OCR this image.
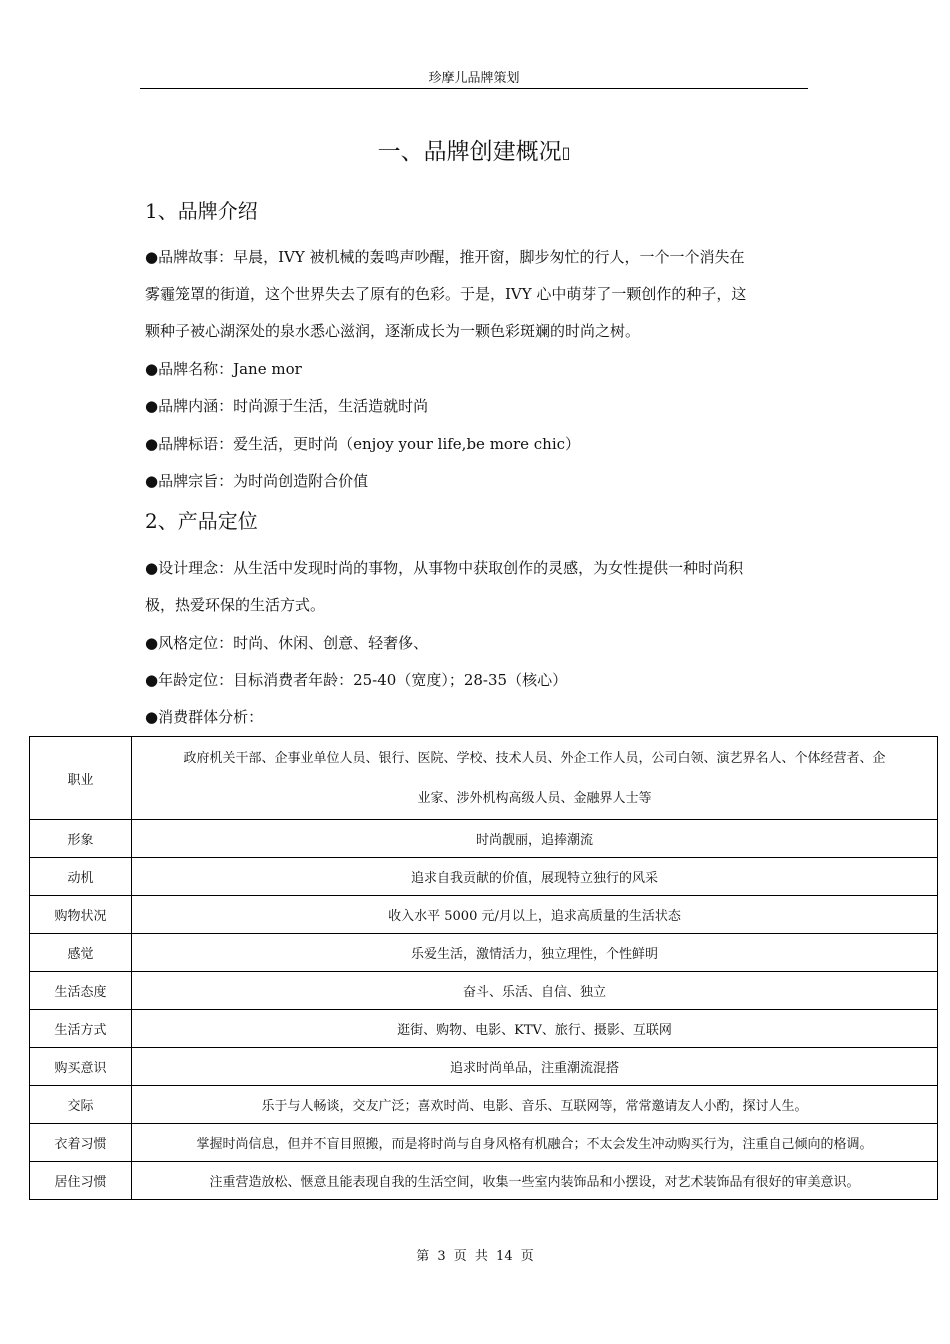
珍摩儿品牌策划
一、品牌创建概况▯
1、品牌介绍
●品牌故事：早晨，IVY 被机械的轰鸣声吵醒，推开窗，脚步匆忙的行人，一个一个消失在
雾霾笼罩的街道，这个世界失去了原有的色彩。于是，IVY 心中萌芽了一颗创作的种子，这
颗种子被心湖深处的泉水悉心滋润，逐渐成长为一颗色彩斑斓的时尚之树。
●品牌名称：Jane mor
●品牌内涵：时尚源于生活，生活造就时尚
●品牌标语：爱生活，更时尚（enjoy your life,be more chic）
●品牌宗旨：为时尚创造附合价值
2、产品定位
●设计理念：从生活中发现时尚的事物，从事物中获取创作的灵感，为女性提供一种时尚积
极，热爱环保的生活方式。
●风格定位：时尚、休闲、创意、轻奢侈、
●年龄定位：目标消费者年龄：25-40（宽度）；28-35（核心）
●消费群体分析：
职业	政府机关干部、企事业单位人员、银行、医院、学校、技术人员、外企工作人员，公司白领、演艺界名人、个体经营者、企
业家、涉外机构高级人员、金融界人士等
形象	时尚靓丽，追捧潮流
动机	追求自我贡献的价值，展现特立独行的风采
购物状况	收入水平 5000 元/月以上，追求高质量的生活状态
感觉	乐爱生活，激情活力，独立理性，个性鲜明
生活态度	奋斗、乐活、自信、独立
生活方式	逛街、购物、电影、KTV、旅行、摄影、互联网
购买意识	追求时尚单品，注重潮流混搭
交际	乐于与人畅谈，交友广泛；喜欢时尚、电影、音乐、互联网等，常常邀请友人小酌，探讨人生。
衣着习惯	掌握时尚信息，但并不盲目照搬，而是将时尚与自身风格有机融合；不太会发生冲动购买行为，注重自己倾向的格调。
居住习惯	注重营造放松、惬意且能表现自我的生活空间，收集一些室内装饰品和小摆设，对艺术装饰品有很好的审美意识。
第 3 页 共 14 页
